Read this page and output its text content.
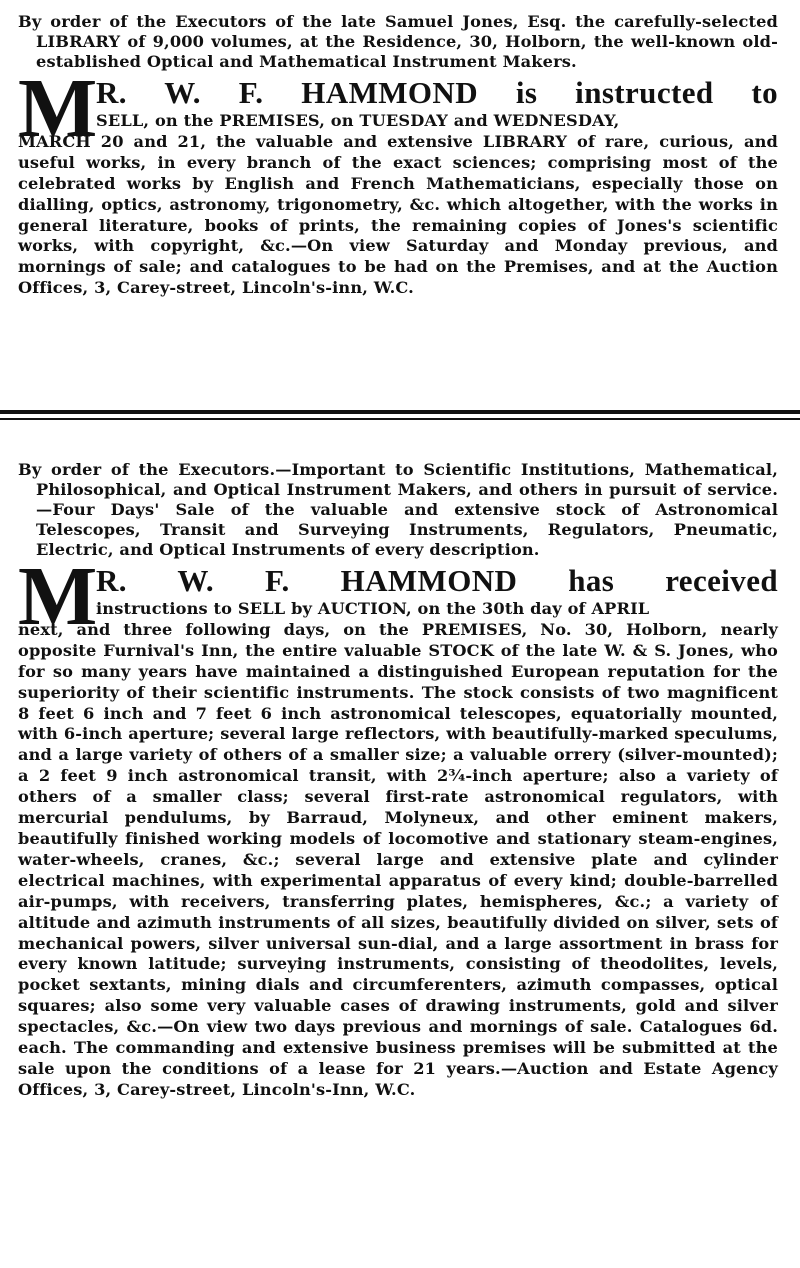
By order of the Executors of the late Samuel Jones, Esq. the carefully-selected LIBRARY of 9,000 volumes, at the Residence, 30, Holborn, the well-known old-established Optical and Mathematical Instrument Makers.

M

R. W. F. HAMMOND is instructed to

SELL, on the PREMISES, on TUESDAY and WEDNESDAY,
MARCH 20 and 21, the valuable and extensive LIBRARY of rare, curious, and useful works, in every branch of the exact sciences; comprising most of the celebrated works by English and French Mathematicians, especially those on dialling, optics, astronomy, trigonometry, &c. which altogether, with the works in general literature, books of prints, the remaining copies of Jones's scientific works, with copyright, &c.—On view Saturday and Monday previous, and mornings of sale; and catalogues to be had on the Premises, and at the Auction Offices, 3, Carey-street, Lincoln's-inn, W.C.

By order of the Executors.—Important to Scientific Institutions, Mathematical, Philosophical, and Optical Instrument Makers, and others in pursuit of service.—Four Days' Sale of the valuable and extensive stock of Astronomical Telescopes, Transit and Surveying Instruments, Regulators, Pneumatic, Electric, and Optical Instruments of every description.

M

R. W. F. HAMMOND has received

instructions to SELL by AUCTION, on the 30th day of APRIL
next, and three following days, on the PREMISES, No. 30, Holborn, nearly opposite Furnival's Inn, the entire valuable STOCK of the late W. & S. Jones, who for so many years have maintained a distinguished European reputation for the superiority of their scientific instruments. The stock consists of two magnificent 8 feet 6 inch and 7 feet 6 inch astronomical telescopes, equatorially mounted, with 6-inch aperture; several large reflectors, with beautifully-marked speculums, and a large variety of others of a smaller size; a valuable orrery (silver-mounted); a 2 feet 9 inch astronomical transit, with 2¾-inch aperture; also a variety of others of a smaller class; several first-rate astronomical regulators, with mercurial pendulums, by Barraud, Molyneux, and other eminent makers, beautifully finished working models of locomotive and stationary steam-engines, water-wheels, cranes, &c.; several large and extensive plate and cylinder electrical machines, with experimental apparatus of every kind; double-barrelled air-pumps, with receivers, transferring plates, hemispheres, &c.; a variety of altitude and azimuth instruments of all sizes, beautifully divided on silver, sets of mechanical powers, silver universal sun-dial, and a large assortment in brass for every known latitude; surveying instruments, consisting of theodolites, levels, pocket sextants, mining dials and circumferenters, azimuth compasses, optical squares; also some very valuable cases of drawing instruments, gold and silver spectacles, &c.—On view two days previous and mornings of sale. Catalogues 6d. each. The commanding and extensive business premises will be submitted at the sale upon the conditions of a lease for 21 years.—Auction and Estate Agency Offices, 3, Carey-street, Lincoln's-Inn, W.C.
